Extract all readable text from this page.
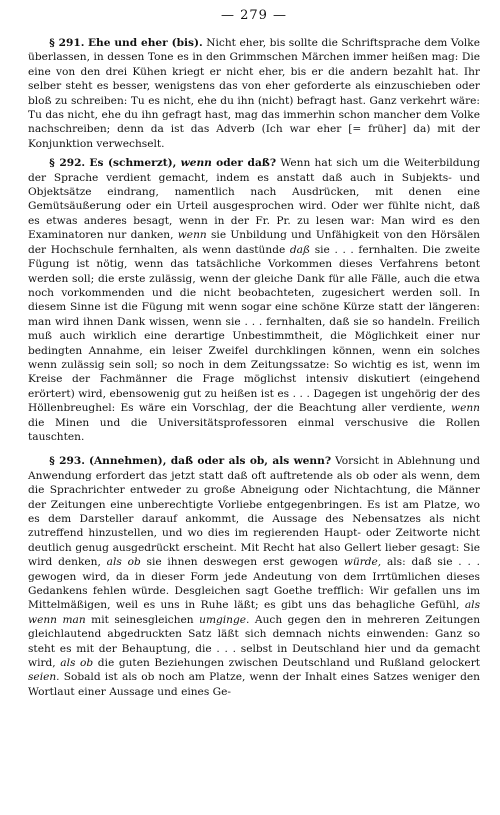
— 279 —

§ 291. Ehe und eher (bis). Nicht eher, bis sollte die Schriftsprache dem Volke überlassen, in dessen Tone es in den Grimmschen Märchen immer heißen mag: Die eine von den drei Kühen kriegt er nicht eher, bis er die andern bezahlt hat. Ihr selber steht es besser, wenigstens das von eher geforderte als einzuschieben oder bloß zu schreiben: Tu es nicht, ehe du ihn (nicht) befragt hast. Ganz verkehrt wäre: Tu das nicht, ehe du ihn gefragt hast, mag das immerhin schon mancher dem Volke nachschreiben; denn da ist das Adverb (Ich war eher [= früher] da) mit der Konjunktion verwechselt.

§ 292. Es (schmerzt), wenn oder daß? Wenn hat sich um die Weiterbildung der Sprache verdient gemacht, indem es anstatt daß auch in Subjekts- und Objektsätze eindrang, namentlich nach Ausdrücken, mit denen eine Gemütsäußerung oder ein Urteil ausgesprochen wird. Oder wer fühlte nicht, daß es etwas anderes besagt, wenn in der Fr. Pr. zu lesen war: Man wird es den Examinatoren nur danken, wenn sie Unbildung und Unfähigkeit von den Hörsälen der Hochschule fernhalten, als wenn dastünde daß sie . . . fernhalten. Die zweite Fügung ist nötig, wenn das tatsächliche Vorkommen dieses Verfahrens betont werden soll; die erste zulässig, wenn der gleiche Dank für alle Fälle, auch die etwa noch vorkommenden und die nicht beobachteten, zugesichert werden soll. In diesem Sinne ist die Fügung mit wenn sogar eine schöne Kürze statt der längeren: man wird ihnen Dank wissen, wenn sie . . . fernhalten, daß sie so handeln. Freilich muß auch wirklich eine derartige Unbestimmtheit, die Möglichkeit einer nur bedingten Annahme, ein leiser Zweifel durchklingen können, wenn ein solches wenn zulässig sein soll; so noch in dem Zeitungssatze: So wichtig es ist, wenn im Kreise der Fachmänner die Frage möglichst intensiv diskutiert (eingehend erörtert) wird, ebensowenig gut zu heißen ist es . . . Dagegen ist ungehörig der des Höllenbreughel: Es wäre ein Vorschlag, der die Beachtung aller verdiente, wenn die Minen und die Universitätsprofessoren einmal verschusive die Rollen tauschten.

§ 293. (Annehmen), daß oder als ob, als wenn? Vorsicht in Ablehnung und Anwendung erfordert das jetzt statt daß oft auftretende als ob oder als wenn, dem die Sprachrichter entweder zu große Abneigung oder Nichtachtung, die Männer der Zeitungen eine unberechtigte Vorliebe entgegenbringen. Es ist am Platze, wo es dem Darsteller darauf ankommt, die Aussage des Nebensatzes als nicht zutreffend hinzustellen, und wo dies im regierenden Haupt- oder Zeitworte nicht deutlich genug ausgedrückt erscheint. Mit Recht hat also Gellert lieber gesagt: Sie wird denken, als ob sie ihnen deswegen erst gewogen würde, als: daß sie . . . gewogen wird, da in dieser Form jede Andeutung von dem Irrtümlichen dieses Gedankens fehlen würde. Desgleichen sagt Goethe trefflich: Wir gefallen uns im Mittelmäßigen, weil es uns in Ruhe läßt; es gibt uns das behagliche Gefühl, als wenn man mit seinesgleichen umginge. Auch gegen den in mehreren Zeitungen gleichlautend abgedruckten Satz läßt sich demnach nichts einwenden: Ganz so steht es mit der Behauptung, die . . . selbst in Deutschland hier und da gemacht wird, als ob die guten Beziehungen zwischen Deutschland und Rußland gelockert seien. Sobald ist als ob noch am Platze, wenn der Inhalt eines Satzes weniger den Wortlaut einer Aussage und eines Ge-
